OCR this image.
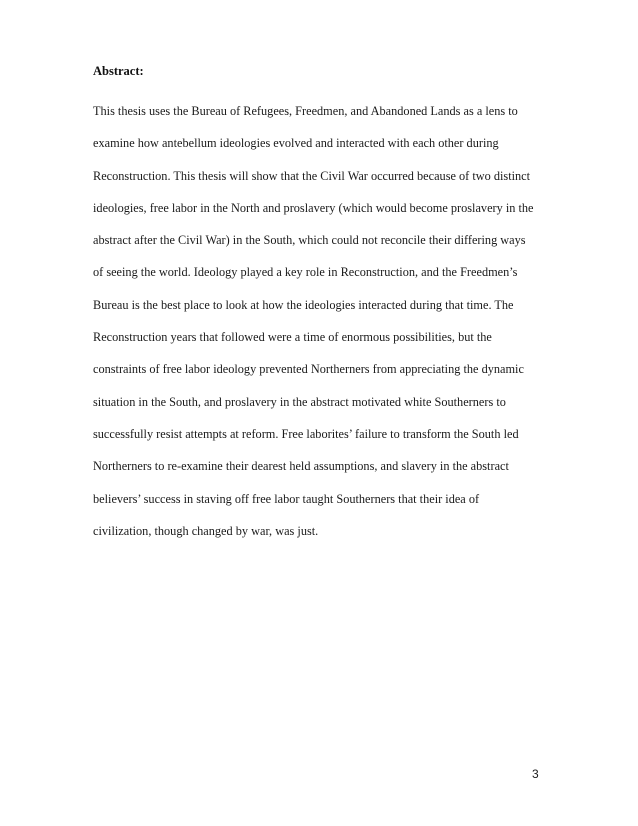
Abstract:
This thesis uses the Bureau of Refugees, Freedmen, and Abandoned Lands as a lens to
examine how antebellum ideologies evolved and interacted with each other during
Reconstruction. This thesis will show that the Civil War occurred because of two distinct
ideologies, free labor in the North and proslavery (which would become proslavery in the
abstract after the Civil War) in the South, which could not reconcile their differing ways
of seeing the world. Ideology played a key role in Reconstruction, and the Freedmen’s
Bureau is the best place to look at how the ideologies interacted during that time. The
Reconstruction years that followed were a time of enormous possibilities, but the
constraints of free labor ideology prevented Northerners from appreciating the dynamic
situation in the South, and proslavery in the abstract motivated white Southerners to
successfully resist attempts at reform. Free laborites’ failure to transform the South led
Northerners to re-examine their dearest held assumptions, and slavery in the abstract
believers’ success in staving off free labor taught Southerners that their idea of
civilization, though changed by war, was just.

3
